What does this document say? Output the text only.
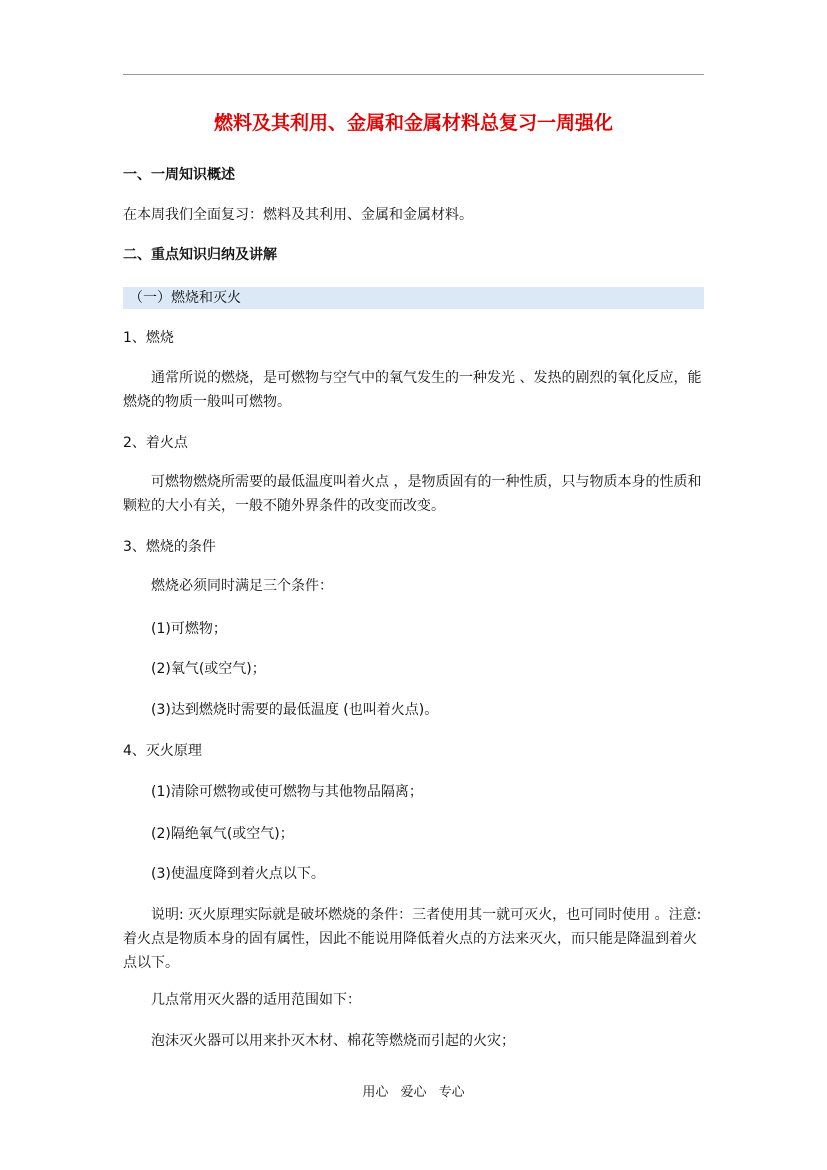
燃料及其利用、金属和金属材料总复习一周强化
一、一周知识概述
在本周我们全面复习：燃料及其利用、金属和金属材料。
二、重点知识归纳及讲解
（一）燃烧和灭火
1、燃烧
通常所说的燃烧，是可燃物与空气中的氧气发生的一种发光 、发热的剧烈的氧化反应，能燃烧的物质一般叫可燃物。
2、着火点
可燃物燃烧所需要的最低温度叫着火点 ，是物质固有的一种性质，只与物质本身的性质和颗粒的大小有关，一般不随外界条件的改变而改变。
3、燃烧的条件
燃烧必须同时满足三个条件：
(1)可燃物；
(2)氧气(或空气)；
(3)达到燃烧时需要的最低温度 (也叫着火点)。
4、灭火原理
(1)清除可燃物或使可燃物与其他物品隔离；
(2)隔绝氧气(或空气)；
(3)使温度降到着火点以下。
说明: 灭火原理实际就是破坏燃烧的条件：三者使用其一就可灭火，也可同时使用 。注意: 着火点是物质本身的固有属性，因此不能说用降低着火点的方法来灭火，而只能是降温到着火点以下。
几点常用灭火器的适用范围如下：
泡沫灭火器可以用来扑灭木材、棉花等燃烧而引起的火灾；
用心 爱心 专心
